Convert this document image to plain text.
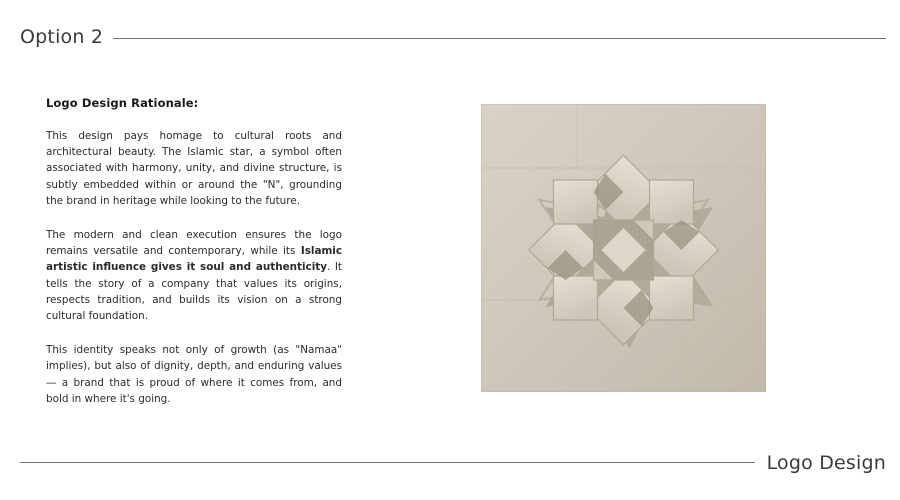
Option 2
Logo Design Rationale:

This design pays homage to cultural roots and architectural beauty. The Islamic star, a symbol often associated with harmony, unity, and divine structure, is subtly embedded within or around the "N", grounding the brand in heritage while looking to the future.

The modern and clean execution ensures the logo remains versatile and contemporary, while its Islamic artistic influence gives it soul and authenticity. It tells the story of a company that values its origins, respects tradition, and builds its vision on a strong cultural foundation.

This identity speaks not only of growth (as "Namaa" implies), but also of dignity, depth, and enduring values — a brand that is proud of where it comes from, and bold in where it's going.

Logo Design
